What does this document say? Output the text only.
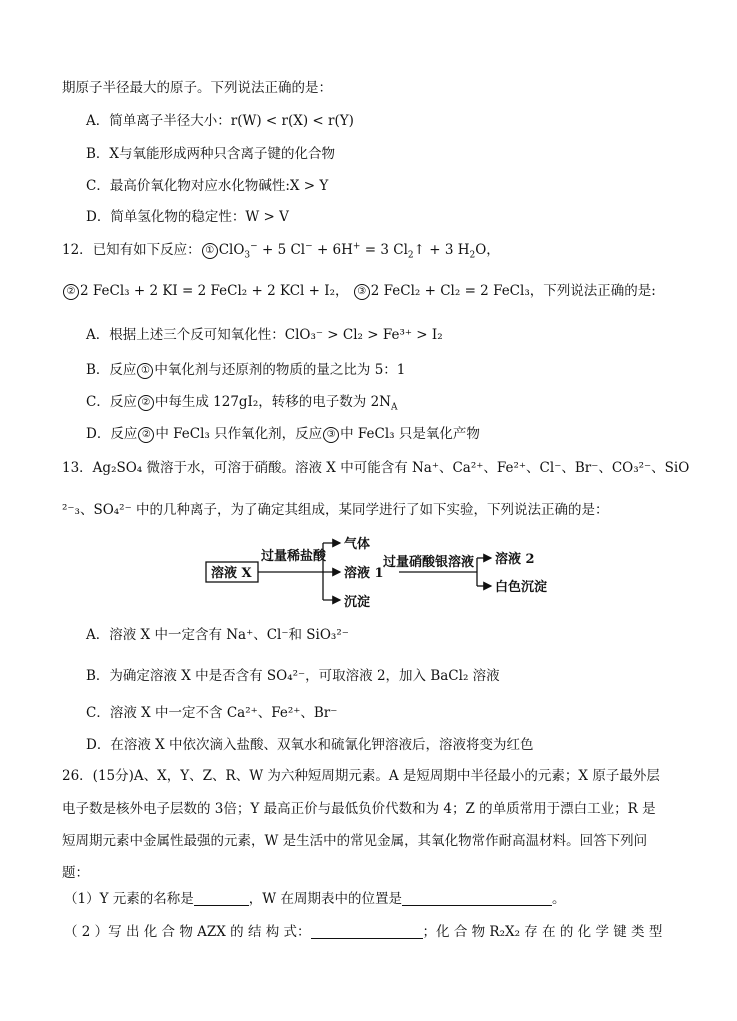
期原子半径最大的原子。下列说法正确的是：
A．简单离子半径大小：r(W) < r(X) < r(Y)
B．X与氧能形成两种只含离子键的化合物
C．最高价氧化物对应水化物碱性:X > Y
D．简单氢化物的稳定性：W > V
12．已知有如下反应： ① ClO$_3$− + 5 Cl− + 6H+ = 3 $Cl_2↑ + 3$ $H_2O$，
② 2 FeCl₃ + 2 KI = 2 FeCl₂ + 2 KCl + I₂， ③ 2 FeCl₂ + Cl₂ = 2 FeCl₃，下列说法正确的是:
A．根据上述三个反可知氧化性：ClO₃⁻ > Cl₂ > Fe³⁺ > I₂
B．反应 ① 中氧化剂与还原剂的物质的量之比为 5：1
C．反应 ② 中每生成 127gI₂，转移的电子数为 $2N_A$
D．反应 ② 中 FeCl₃ 只作氧化剂，反应 ③ 中 FeCl₃ 只是氧化产物
13．Ag₂SO₄ 微溶于水，可溶于硝酸。溶液 X 中可能含有 Na⁺、Ca²⁺、Fe²⁺、Cl⁻、Br⁻、CO₃²⁻、SiO
²⁻₃、SO₄²⁻ 中的几种离子，为了确定其组成，某同学进行了如下实验，下列说法正确的是：
溶液 X
过量稀盐酸
气体
溶液 1
沉淀
过量硝酸银溶液 溶液 2
白色沉淀
A．溶液 X 中一定含有 Na⁺、Cl⁻和 SiO₃²⁻
B．为确定溶液 X 中是否含有 SO₄²⁻，可取溶液 2，加入 BaCl₂ 溶液
C．溶液 X 中一定不含 Ca²⁺、Fe²⁺、Br⁻
D．在溶液 X 中依次滴入盐酸、双氧水和硫氰化钾溶液后，溶液将变为红色
26．(15分)A、X，Y、Z、R、W 为六种短周期元素。A 是短周期中半径最小的元素；X 原子最外层
电子数是核外电子层数的 3倍；Y 最高正价与最低负价代数和为 4；Z 的单质常用于漂白工业；R 是
短周期元素中金属性最强的元素，W 是生活中的常见金属，其氧化物常作耐高温材料。回答下列问
题：
（1）Y 元素的名称是	，W 在周期表中的位置是	。
（ 2 ）写 出 化 合 物 AZX 的 结 构 式：	；化 合 物 R₂X₂ 存 在 的 化 学 键 类 型
